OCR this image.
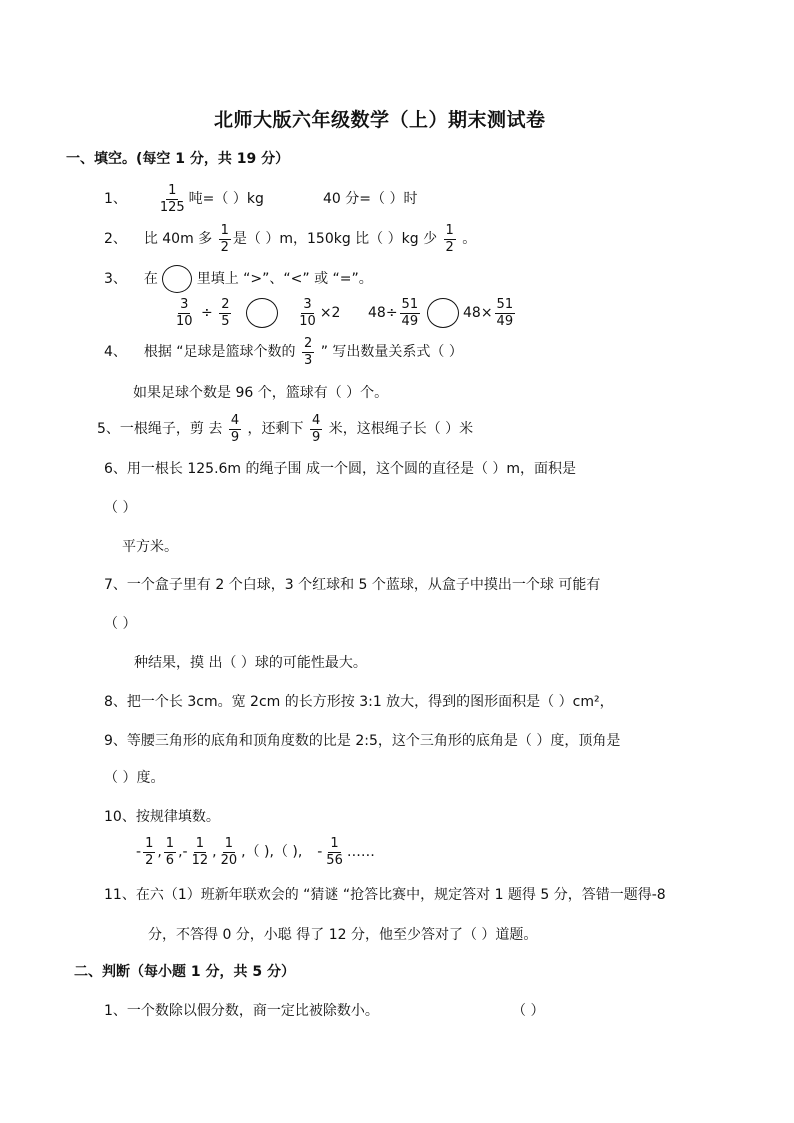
北师大版六年级数学（上）期末测试卷
一、填空。(每空 1 分，共 19 分）
1、 $\frac{1}{125}$ 吨=（ ）kg	40 分=（ ）时
2、 比 40m 多 $\frac{1}{2}$ 是（ ）m，150kg 比（ ）kg 少 $\frac{1}{2}$ 。
3、 在	里填上 “>”、“<” 或 “=”。
$\frac{3}{10} \div \frac{2}{5}$
	$\frac{3}{10} \times 2$ $48\div \frac{51}{49}$	$48\times \frac{51}{49}$
4、 根据 “足球是篮球个数的 $\frac{2}{3}$ ” 写出数量关系式（ ）
如果足球个数是 96 个，篮球有（ ）个。
5、一根绳子，剪 去 $\frac{4}{9}$ ，还剩下 $\frac{4}{9}$ 米，这根绳子长（ ）米
6、用一根长 125.6m 的绳子围 成一个圆，这个圆的直径是（ ）m，面积是
（ ）
平方米。
7、一个盒子里有 2 个白球，3 个红球和 5 个蓝球，从盒子中摸出一个球 可能有
（ ）
种结果，摸 出（ ）球的可能性最大。
8、把一个长 3cm。宽 2cm 的长方形按 3:1 放大，得到的图形面积是（ ）cm²，
9、等腰三角形的底角和顶角度数的比是 2:5，这个三角形的底角是（ ）度，顶角是
（ ）度。
10、按规律填数。
- $\frac{1}{2}$ , $\frac{1}{6}$ ,- $\frac{1}{12}$ , $\frac{1}{20}$ ,（ ),（ ), - $\frac{1}{56}$ ……
11、在六（1）班新年联欢会的 “猜谜 “抢答比赛中，规定答对 1 题得 5 分，答错一题得-8
分，不答得 0 分，小聪 得了 12 分，他至少答对了（ ）道题。
二、判断（每小题 1 分，共 5 分）
1、一个数除以假分数，商一定比被除数小。	（ ）
